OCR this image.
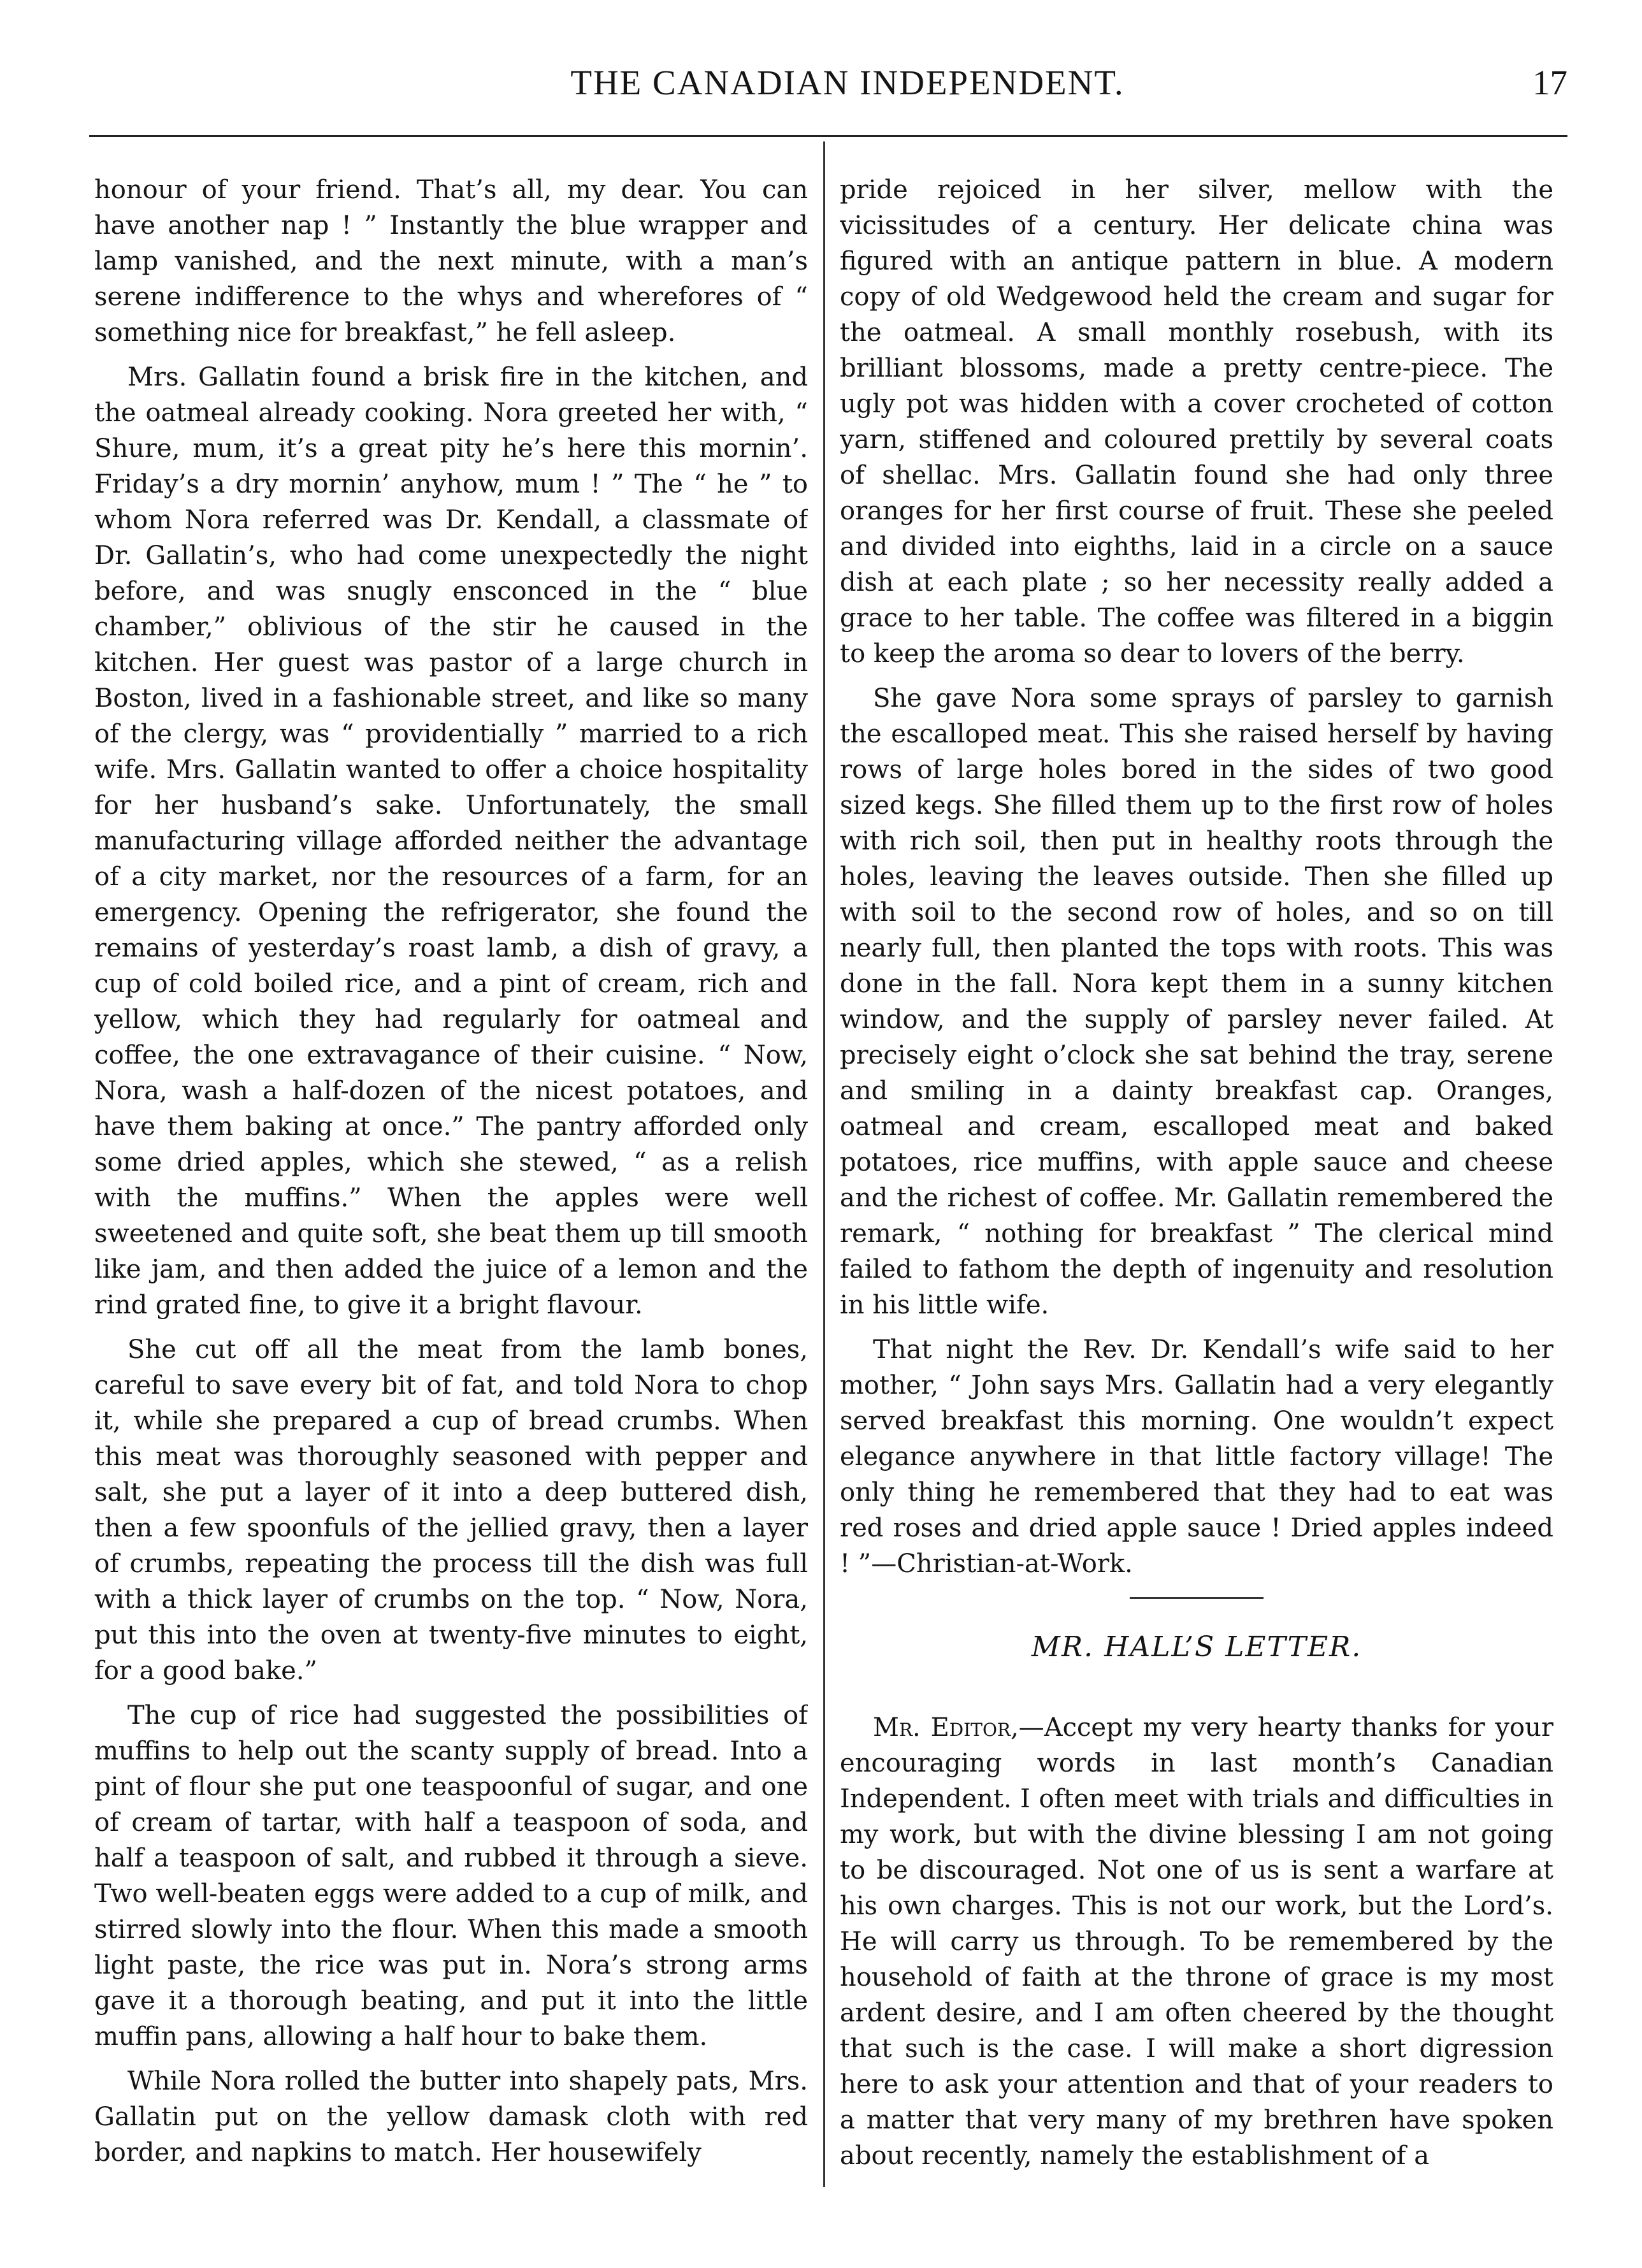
THE CANADIAN INDEPENDENT.	17

honour of your friend. That’s all, my dear. You can have another nap ! ” Instantly the blue wrapper and lamp vanished, and the next minute, with a man’s serene indifference to the whys and wherefores of “ something nice for breakfast,” he fell asleep.

Mrs. Gallatin found a brisk fire in the kitchen, and the oatmeal already cooking. Nora greeted her with, “ Shure, mum, it’s a great pity he’s here this mornin’. Friday’s a dry mornin’ anyhow, mum ! ” The “ he ” to whom Nora referred was Dr. Kendall, a classmate of Dr. Gallatin’s, who had come unexpectedly the night before, and was snugly ensconced in the “ blue chamber,” oblivious of the stir he caused in the kitchen. Her guest was pastor of a large church in Boston, lived in a fashionable street, and like so many of the clergy, was “ providentially ” married to a rich wife. Mrs. Gallatin wanted to offer a choice hospitality for her husband’s sake. Unfortunately, the small manufacturing village afforded neither the advantage of a city market, nor the resources of a farm, for an emergency. Opening the refrigerator, she found the remains of yesterday’s roast lamb, a dish of gravy, a cup of cold boiled rice, and a pint of cream, rich and yellow, which they had regularly for oatmeal and coffee, the one extravagance of their cuisine. “ Now, Nora, wash a half-dozen of the nicest potatoes, and have them baking at once.” The pantry afforded only some dried apples, which she stewed, “ as a relish with the muffins.” When the apples were well sweetened and quite soft, she beat them up till smooth like jam, and then added the juice of a lemon and the rind grated fine, to give it a bright flavour.

She cut off all the meat from the lamb bones, careful to save every bit of fat, and told Nora to chop it, while she prepared a cup of bread crumbs. When this meat was thoroughly seasoned with pepper and salt, she put a layer of it into a deep buttered dish, then a few spoonfuls of the jellied gravy, then a layer of crumbs, repeating the process till the dish was full with a thick layer of crumbs on the top. “ Now, Nora, put this into the oven at twenty-five minutes to eight, for a good bake.”

The cup of rice had suggested the possibilities of muffins to help out the scanty supply of bread. Into a pint of flour she put one teaspoonful of sugar, and one of cream of tartar, with half a teaspoon of soda, and half a teaspoon of salt, and rubbed it through a sieve. Two well-beaten eggs were added to a cup of milk, and stirred slowly into the flour. When this made a smooth light paste, the rice was put in. Nora’s strong arms gave it a thorough beating, and put it into the little muffin pans, allowing a half hour to bake them.

While Nora rolled the butter into shapely pats, Mrs. Gallatin put on the yellow damask cloth with red border, and napkins to match. Her housewifely

pride rejoiced in her silver, mellow with the vicissitudes of a century. Her delicate china was figured with an antique pattern in blue. A modern copy of old Wedgewood held the cream and sugar for the oatmeal. A small monthly rosebush, with its brilliant blossoms, made a pretty centre-piece. The ugly pot was hidden with a cover crocheted of cotton yarn, stiffened and coloured prettily by several coats of shellac. Mrs. Gallatin found she had only three oranges for her first course of fruit. These she peeled and divided into eighths, laid in a circle on a sauce dish at each plate ; so her necessity really added a grace to her table. The coffee was filtered in a biggin to keep the aroma so dear to lovers of the berry.

She gave Nora some sprays of parsley to garnish the escalloped meat. This she raised herself by having rows of large holes bored in the sides of two good sized kegs. She filled them up to the first row of holes with rich soil, then put in healthy roots through the holes, leaving the leaves outside. Then she filled up with soil to the second row of holes, and so on till nearly full, then planted the tops with roots. This was done in the fall. Nora kept them in a sunny kitchen window, and the supply of parsley never failed. At precisely eight o’clock she sat behind the tray, serene and smiling in a dainty breakfast cap. Oranges, oatmeal and cream, escalloped meat and baked potatoes, rice muffins, with apple sauce and cheese and the richest of coffee. Mr. Gallatin remembered the remark, “ nothing for breakfast ” The clerical mind failed to fathom the depth of ingenuity and resolution in his little wife.

That night the Rev. Dr. Kendall’s wife said to her mother, “ John says Mrs. Gallatin had a very elegantly served breakfast this morning. One wouldn’t expect elegance anywhere in that little factory village! The only thing he remembered that they had to eat was red roses and dried apple sauce ! Dried apples indeed ! ”—Christian-at-Work.

MR. HALL’S LETTER.

Mr. Editor,—Accept my very hearty thanks for your encouraging words in last month’s Canadian Independent. I often meet with trials and difficulties in my work, but with the divine blessing I am not going to be discouraged. Not one of us is sent a warfare at his own charges. This is not our work, but the Lord’s. He will carry us through. To be remembered by the household of faith at the throne of grace is my most ardent desire, and I am often cheered by the thought that such is the case. I will make a short digression here to ask your attention and that of your readers to a matter that very many of my brethren have spoken about recently, namely the establishment of a
